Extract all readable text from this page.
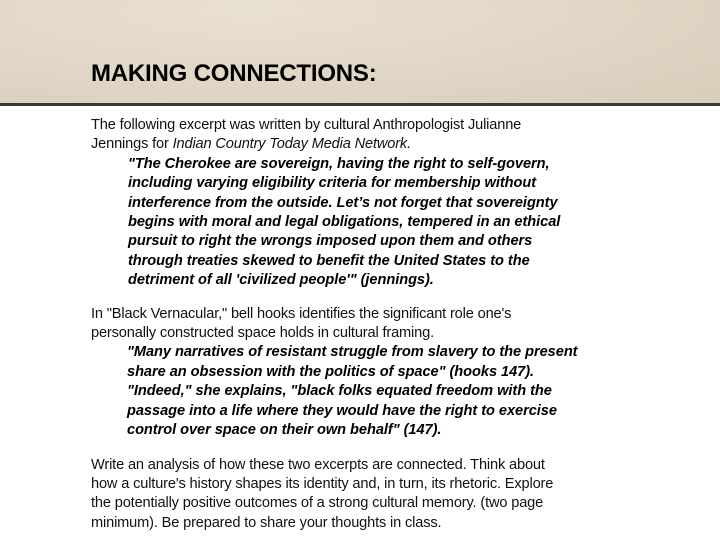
MAKING CONNECTIONS:

The following excerpt was written by cultural Anthropologist Julianne
Jennings for Indian Country Today Media Network.

"The Cherokee are sovereign, having the right to self-govern,
including varying eligibility criteria for membership without
interference from the outside. Let’s not forget that sovereignty
begins with moral and legal obligations, tempered in an ethical
pursuit to right the wrongs imposed upon them and others
through treaties skewed to benefit the United States to the
detriment of all 'civilized people'" (jennings).

In "Black Vernacular," bell hooks identifies the significant role one's
personally constructed space holds in cultural framing.

"Many narratives of resistant struggle from slavery to the present
share an obsession with the politics of space" (hooks 147).
"Indeed," she explains, "black folks equated freedom with the
passage into a life where they would have the right to exercise
control over space on their own behalf" (147).

Write an analysis of how these two excerpts are connected. Think about
how a culture's history shapes its identity and, in turn, its rhetoric. Explore
the potentially positive outcomes of a strong cultural memory. (two page
minimum). Be prepared to share your thoughts in class.
